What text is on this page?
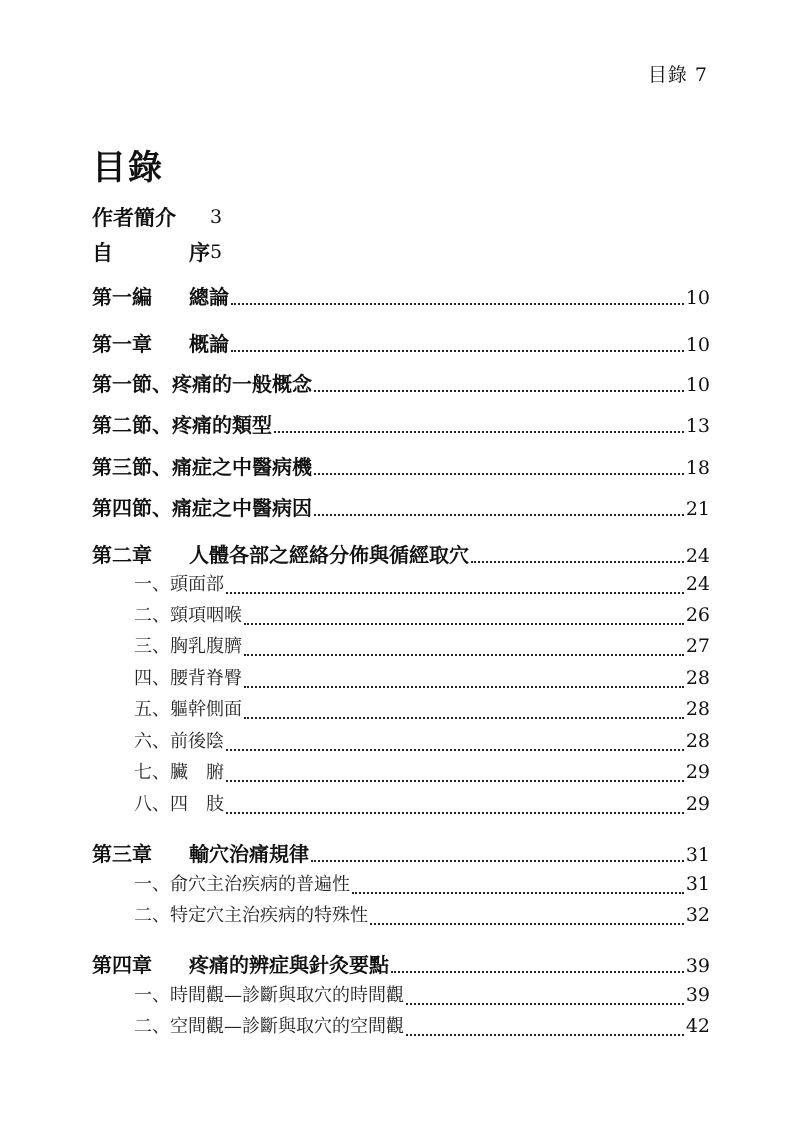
目錄 7
目錄
作者簡介 3
自	序 5
第一編 總論	10
第一章 概論	10
第一節、疼痛的一般概念	10
第二節、疼痛的類型	13
第三節、痛症之中醫病機	18
第四節、痛症之中醫病因	21
第二章 人體各部之經絡分佈與循經取穴	24
一、頭面部	24
二、頸項咽喉	26
三、胸乳腹臍	27
四、腰背脊臀	28
五、軀幹側面	28
六、前後陰	28
七、臟　腑	29
八、四　肢	29
第三章 輸穴治痛規律	31
一、俞穴主治疾病的普遍性	31
二、特定穴主治疾病的特殊性	32
第四章 疼痛的辨症與針灸要點	39
一、時間觀—診斷與取穴的時間觀	39
二、空間觀—診斷與取穴的空間觀	42
